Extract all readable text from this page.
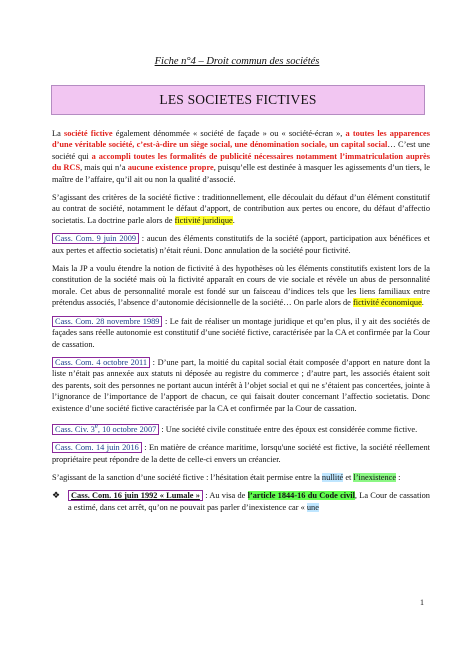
Fiche n°4 – Droit commun des sociétés
LES SOCIETES FICTIVES

La société fictive également dénommée « société de façade » ou « société-écran », a toutes les apparences d’une véritable société, c’est-à-dire un siège social, une dénomination sociale, un capital social… C’est une société qui a accompli toutes les formalités de publicité nécessaires notamment l’immatriculation auprès du RCS, mais qui n’a aucune existence propre, puisqu’elle est destinée à masquer les agissements d’un tiers, le maître de l’affaire, qu’il ait ou non la qualité d’associé.

S’agissant des critères de la société fictive : traditionnellement, elle découlait du défaut d’un élément constitutif au contrat de société, notamment le défaut d’apport, de contribution aux pertes ou encore, du défaut d’affectio societatis. La doctrine parle alors de fictivité juridique.

Cass. Com. 9 juin 2009 : aucun des éléments constitutifs de la société (apport, participation aux bénéfices et aux pertes et affectio societatis) n’était réuni. Donc annulation de la société pour fictivité.

Mais la JP a voulu étendre la notion de fictivité à des hypothèses où les éléments constitutifs existent lors de la constitution de la société mais où la fictivité apparaît en cours de vie sociale et révèle un abus de personnalité morale. Cet abus de personnalité morale est fondé sur un faisceau d’indices tels que les liens familiaux entre prétendus associés, l’absence d’autonomie décisionnelle de la société… On parle alors de fictivité économique.

Cass. Com. 28 novembre 1989 : Le fait de réaliser un montage juridique et qu’en plus, il y ait des sociétés de façades sans réelle autonomie est constitutif d’une société fictive, caractérisée par la CA et confirmée par la Cour de cassation.

Cass. Com. 4 octobre 2011 : D’une part, la moitié du capital social était composée d’apport en nature dont la liste n’était pas annexée aux statuts ni déposée au registre du commerce ; d’autre part, les associés étaient soit des parents, soit des personnes ne portant aucun intérêt à l’objet social et qui ne s’étaient pas concertées, jointe à l’ignorance de l’importance de l’apport de chacun, ce qui faisait douter concernant l’affectio societatis. Donc existence d’une société fictive caractérisée par la CA et confirmée par la Cour de cassation.

Cass. Civ. 3e, 10 octobre 2007 : Une société civile constituée entre des époux est considérée comme fictive.

Cass. Com. 14 juin 2016 : En matière de créance maritime, lorsqu'une société est fictive, la société réellement propriétaire peut répondre de la dette de celle-ci envers un créancier.

S’agissant de la sanction d’une société fictive : l’hésitation était permise entre la nullité et l’inexistence :

❖	Cass. Com. 16 juin 1992 « Lumale » : Au visa de l’article 1844-16 du Code civil, La Cour de cassation a estimé, dans cet arrêt, qu’on ne pouvait pas parler d’inexistence car « une
1
